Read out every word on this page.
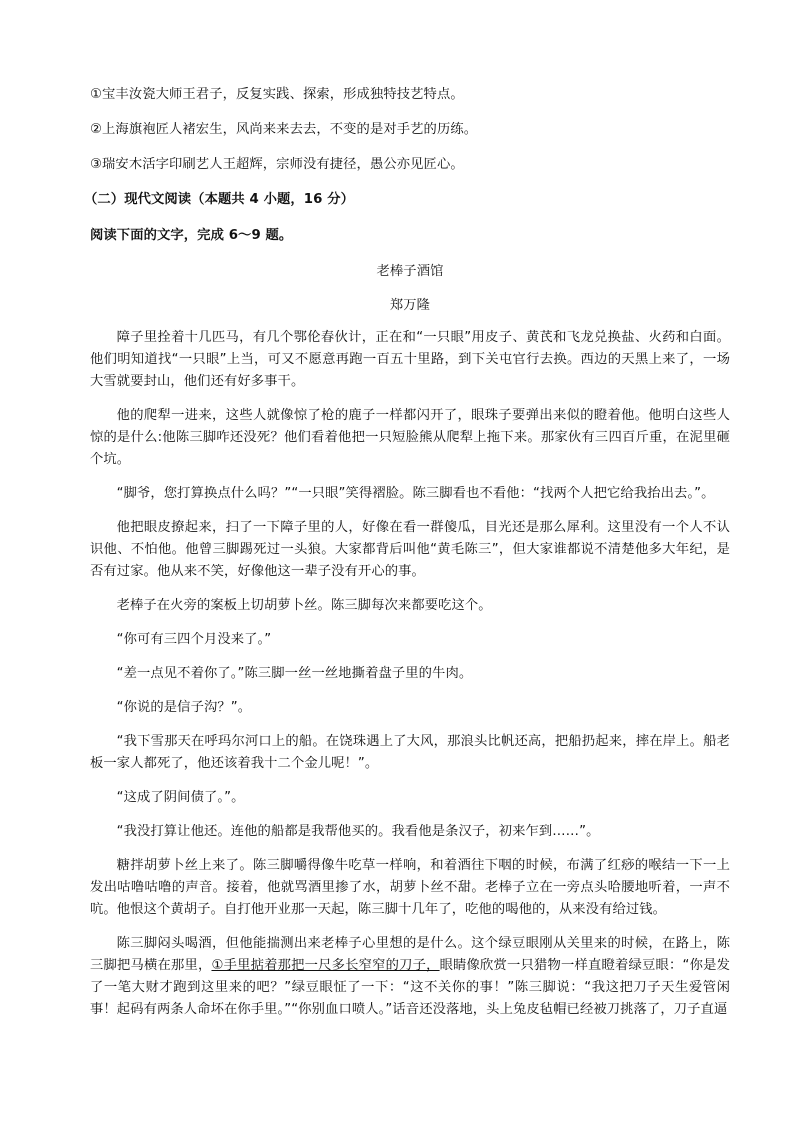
①宝丰汝瓷大师王君子，反复实践、探索，形成独特技艺特点。

②上海旗袍匠人褚宏生，风尚来来去去，不变的是对手艺的历练。

③瑞安木活字印刷艺人王超辉，宗师没有捷径，愚公亦见匠心。

（二）现代文阅读（本题共 4 小题，16 分）

阅读下面的文字，完成 6～9 题。

老棒子酒馆

郑万隆

障子里拴着十几匹马，有几个鄂伦春伙计，正在和“一只眼”用皮子、黄芪和飞龙兑换盐、火药和白面。他们明知道找“一只眼”上当，可又不愿意再跑一百五十里路，到下关屯官行去换。西边的天黑上来了，一场大雪就要封山，他们还有好多事干。

他的爬犁一进来，这些人就像惊了枪的鹿子一样都闪开了，眼珠子要弹出来似的瞪着他。他明白这些人惊的是什么:他陈三脚咋还没死？他们看着他把一只短脸熊从爬犁上拖下来。那家伙有三四百斤重，在泥里砸个坑。

“脚爷，您打算换点什么吗？”“一只眼”笑得褶脸。陈三脚看也不看他：“找两个人把它给我抬出去。”。

他把眼皮撩起来，扫了一下障子里的人，好像在看一群傻瓜，目光还是那么犀利。这里没有一个人不认识他、不怕他。他曾三脚踢死过一头狼。大家都背后叫他“黄毛陈三”，但大家谁都说不清楚他多大年纪，是否有过家。他从来不笑，好像他这一辈子没有开心的事。

老棒子在火旁的案板上切胡萝卜丝。陈三脚每次来都要吃这个。

“你可有三四个月没来了。”

“差一点见不着你了。”陈三脚一丝一丝地撕着盘子里的牛肉。

“你说的是信子沟？”。

“我下雪那天在呼玛尔河口上的船。在饶珠遇上了大风，那浪头比帆还高，把船扔起来，摔在岸上。船老板一家人都死了，他还该着我十二个金儿呢！”。

“这成了阴间债了。”。

“我没打算让他还。连他的船都是我帮他买的。我看他是条汉子，初来乍到……”。

糖拌胡萝卜丝上来了。陈三脚嚼得像牛吃草一样响，和着酒往下咽的时候，布满了红痧的喉结一下一上发出咕噜咕噜的声音。接着，他就骂酒里掺了水，胡萝卜丝不甜。老棒子立在一旁点头哈腰地听着，一声不吭。他恨这个黄胡子。自打他开业那一天起，陈三脚十几年了，吃他的喝他的，从来没有给过钱。

陈三脚闷头喝酒，但他能揣测出来老棒子心里想的是什么。这个绿豆眼刚从关里来的时候，在路上，陈三脚把马横在那里，①手里掂着那把一尺多长窄窄的刀子，眼睛像欣赏一只猎物一样直瞪着绿豆眼：“你是发了一笔大财才跑到这里来的吧？”绿豆眼怔了一下：“这不关你的事！”陈三脚说：“我这把刀子天生爱管闲事！起码有两条人命坏在你手里。”“你别血口喷人。”话音还没落地，头上兔皮毡帽已经被刀挑落了，刀子直逼
